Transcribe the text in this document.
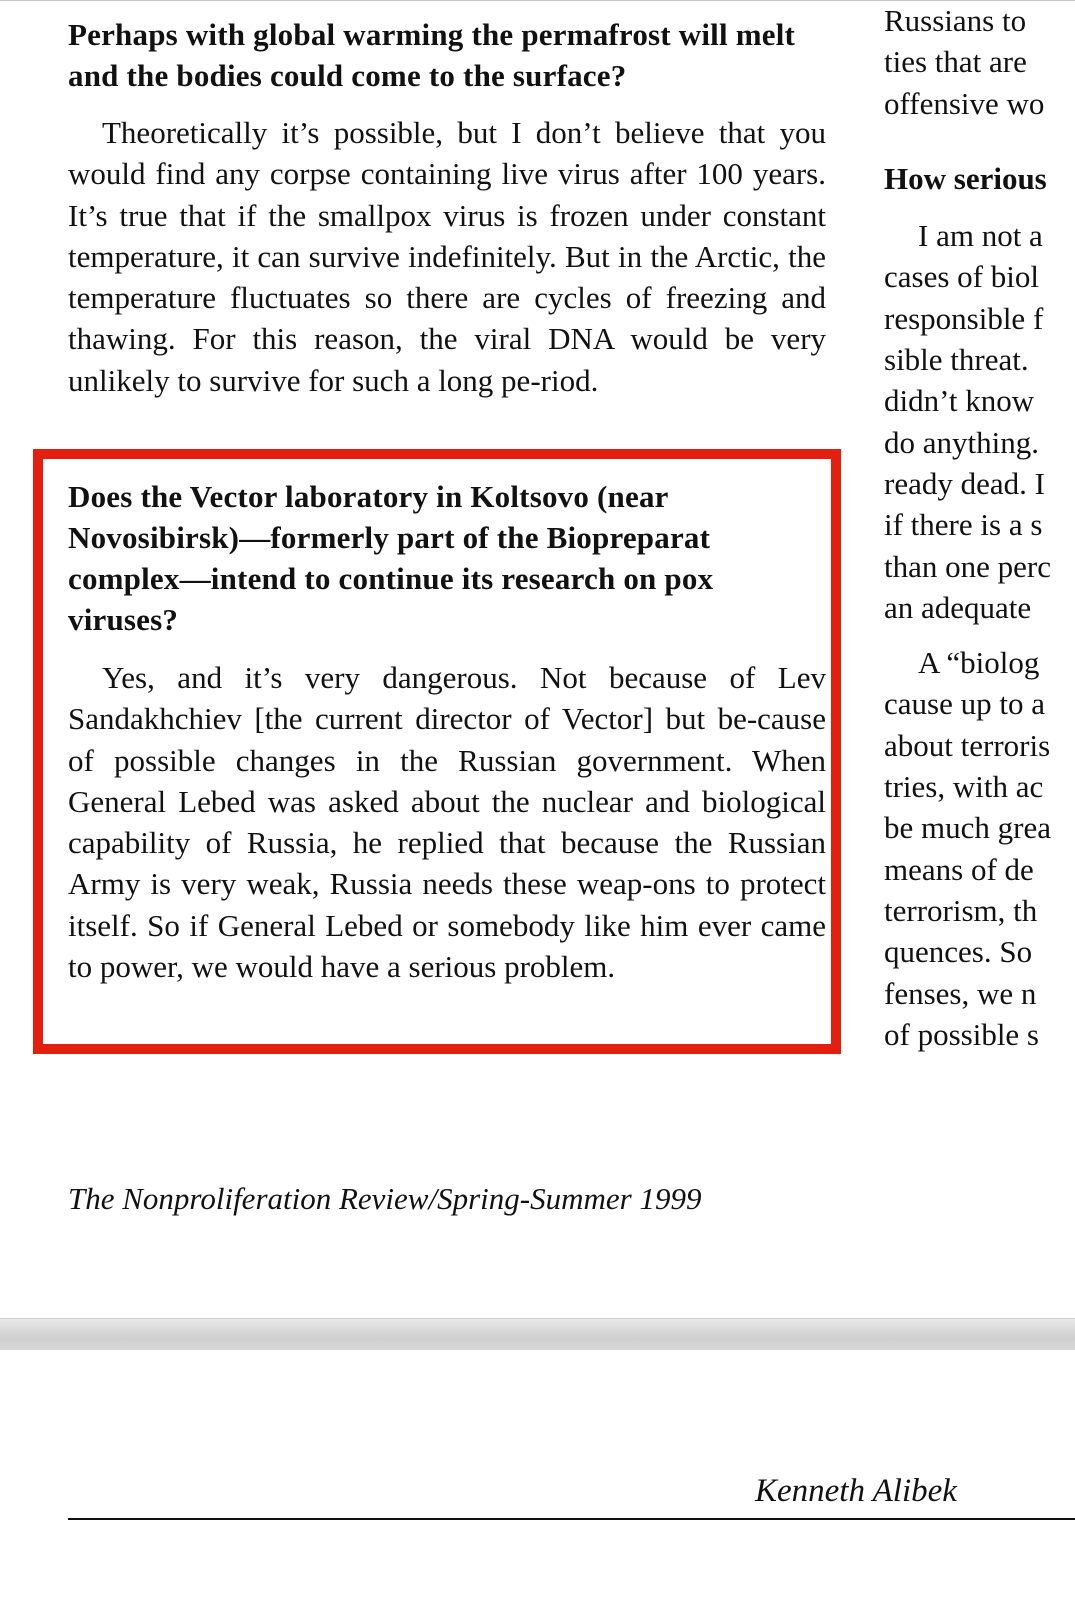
Perhaps with global warming the permafrost will melt and the bodies could come to the surface?

Theoretically it’s possible, but I don’t believe that you would find any corpse containing live virus after 100 years. It’s true that if the smallpox virus is frozen under constant temperature, it can survive indefinitely. But in the Arctic, the temperature fluctuates so there are cycles of freezing and thawing. For this reason, the viral DNA would be very unlikely to survive for such a long pe-riod.

Does the Vector laboratory in Koltsovo (near Novosibirsk)—formerly part of the Biopreparat complex—intend to continue its research on pox viruses?

Yes, and it’s very dangerous. Not because of Lev Sandakhchiev [the current director of Vector] but be-cause of possible changes in the Russian government. When General Lebed was asked about the nuclear and biological capability of Russia, he replied that because the Russian Army is very weak, Russia needs these weap-ons to protect itself. So if General Lebed or somebody like him ever came to power, we would have a serious problem.

The Nonproliferation Review/Spring-Summer 1999

Russians to

ties that are

offensive wo

How serious

I am not a

cases of biol

responsible f

sible threat.

didn’t know

do anything.

ready dead. I

if there is a s

than one perc

an adequate

A “biolog

cause up to a

about terroris

tries, with ac

be much grea

means of de

terrorism, th

quences. So

fenses, we n

of possible s

Kenneth Alibek
